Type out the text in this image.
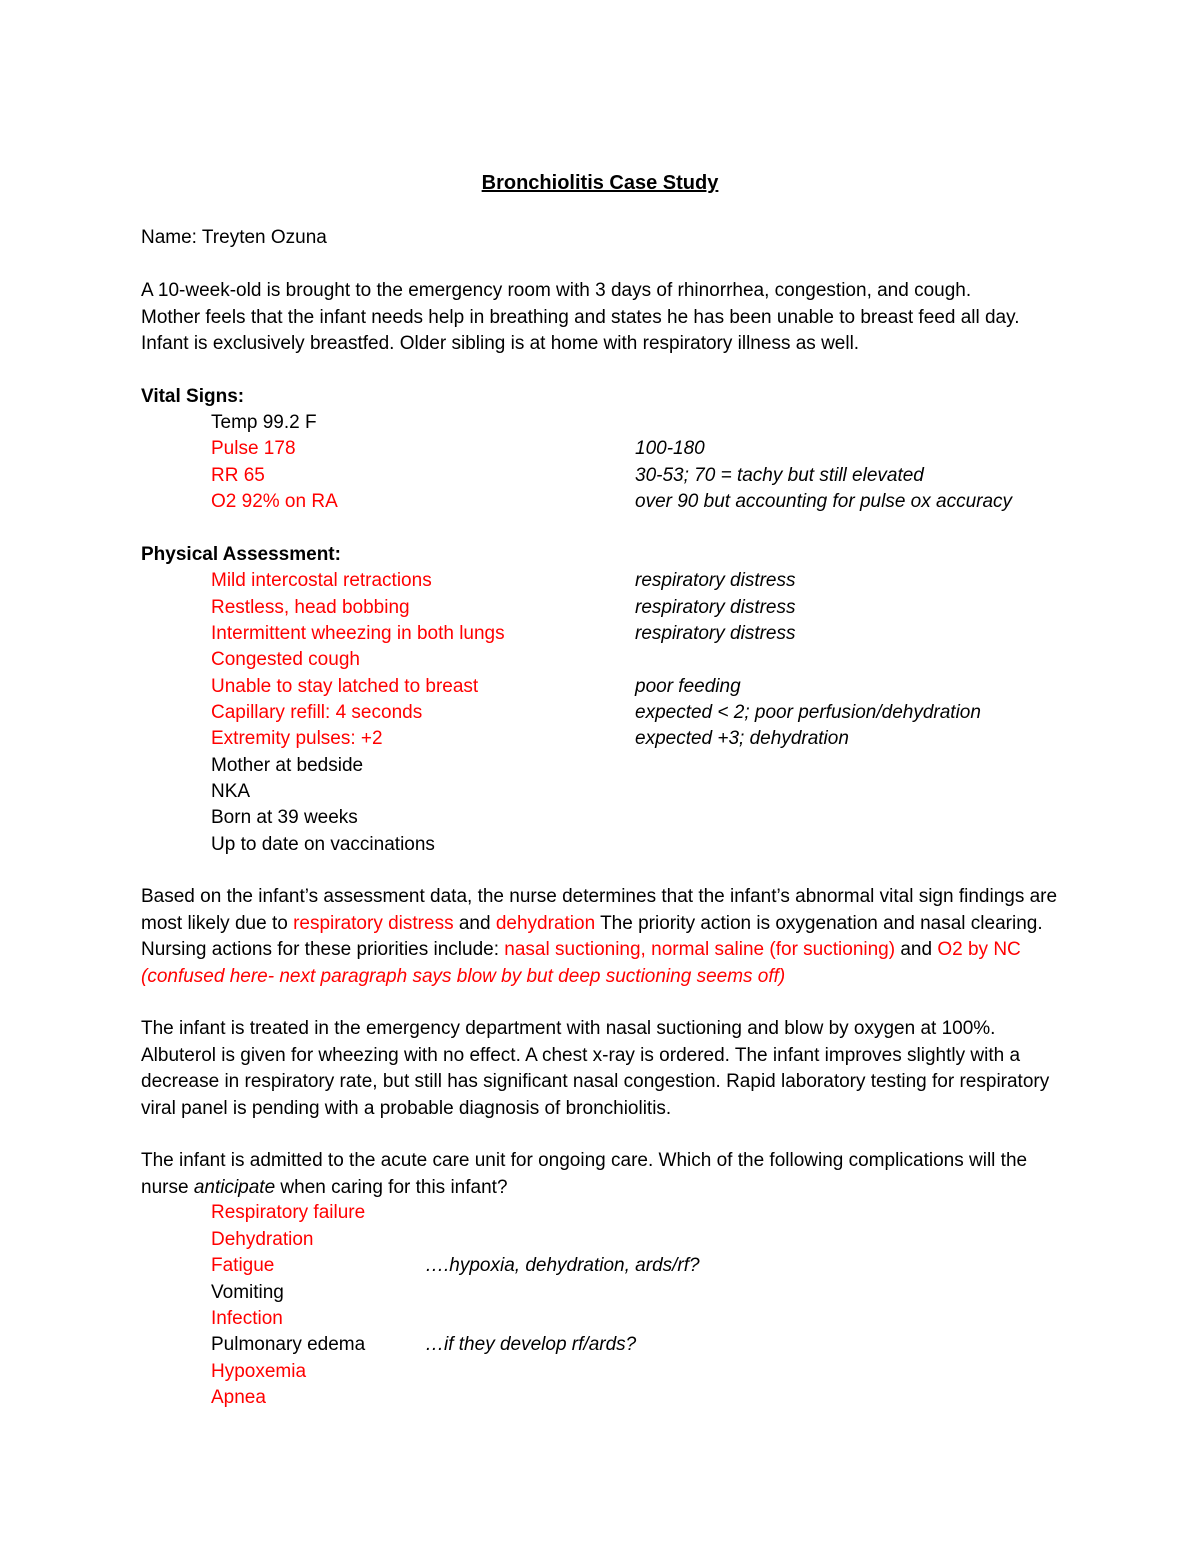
Bronchiolitis Case Study
Name: Treyten Ozuna
A 10-week-old is brought to the emergency room with 3 days of rhinorrhea, congestion, and cough.
Mother feels that the infant needs help in breathing and states he has been unable to breast feed all day.
Infant is exclusively breastfed. Older sibling is at home with respiratory illness as well.
Vital Signs:
Temp 99.2 F
Pulse 178	100-180
RR 65	30-53; 70 = tachy but still elevated
O2 92% on RA	over 90 but accounting for pulse ox accuracy
Physical Assessment:
Mild intercostal retractions	respiratory distress
Restless, head bobbing	respiratory distress
Intermittent wheezing in both lungs	respiratory distress
Congested cough
Unable to stay latched to breast	poor feeding
Capillary refill: 4 seconds	expected < 2; poor perfusion/dehydration
Extremity pulses: +2	expected +3; dehydration
Mother at bedside
NKA
Born at 39 weeks
Up to date on vaccinations
Based on the infant’s assessment data, the nurse determines that the infant’s abnormal vital sign findings are most likely due to respiratory distress and dehydration The priority action is oxygenation and nasal clearing. Nursing actions for these priorities include: nasal suctioning, normal saline (for suctioning) and O2 by NC (confused here- next paragraph says blow by but deep suctioning seems off)
The infant is treated in the emergency department with nasal suctioning and blow by oxygen at 100%. Albuterol is given for wheezing with no effect. A chest x-ray is ordered. The infant improves slightly with a decrease in respiratory rate, but still has significant nasal congestion. Rapid laboratory testing for respiratory viral panel is pending with a probable diagnosis of bronchiolitis.
The infant is admitted to the acute care unit for ongoing care. Which of the following complications will the nurse anticipate when caring for this infant?
Respiratory failure
Dehydration
Fatigue	….hypoxia, dehydration, ards/rf?
Vomiting
Infection
Pulmonary edema	…if they develop rf/ards?
Hypoxemia
Apnea
